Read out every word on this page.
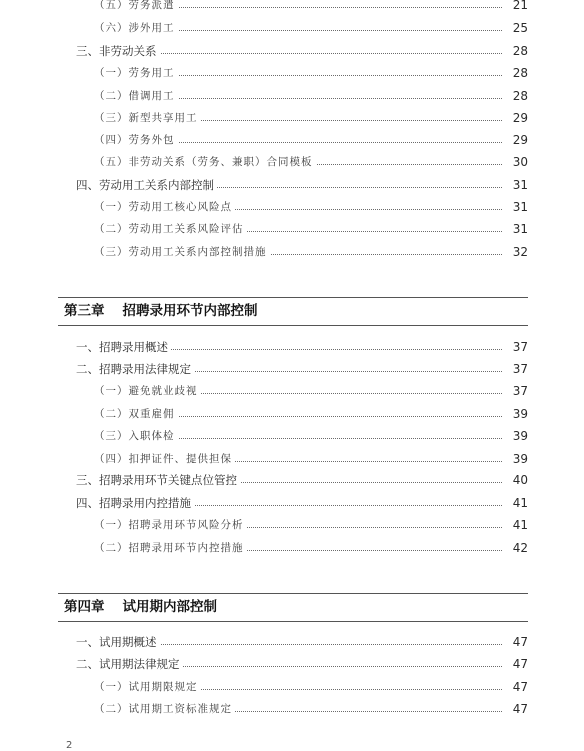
（五）劳务派遣	21
（六）涉外用工	25
三、非劳动关系	28
（一）劳务用工	28
（二）借调用工	28
（三）新型共享用工	29
（四）劳务外包	29
（五）非劳动关系（劳务、兼职）合同模板	30
四、劳动用工关系内部控制	31
（一）劳动用工核心风险点	31
（二）劳动用工关系风险评估	31
（三）劳动用工关系内部控制措施	32
第三章 招聘录用环节内部控制
一、招聘录用概述	37
二、招聘录用法律规定	37
（一）避免就业歧视	37
（二）双重雇佣	39
（三）入职体检	39
（四）扣押证件、提供担保	39
三、招聘录用环节关键点位管控	40
四、招聘录用内控措施	41
（一）招聘录用环节风险分析	41
（二）招聘录用环节内控措施	42
第四章 试用期内部控制
一、试用期概述	47
二、试用期法律规定	47
（一）试用期限规定	47
（二）试用期工资标准规定	47
2
